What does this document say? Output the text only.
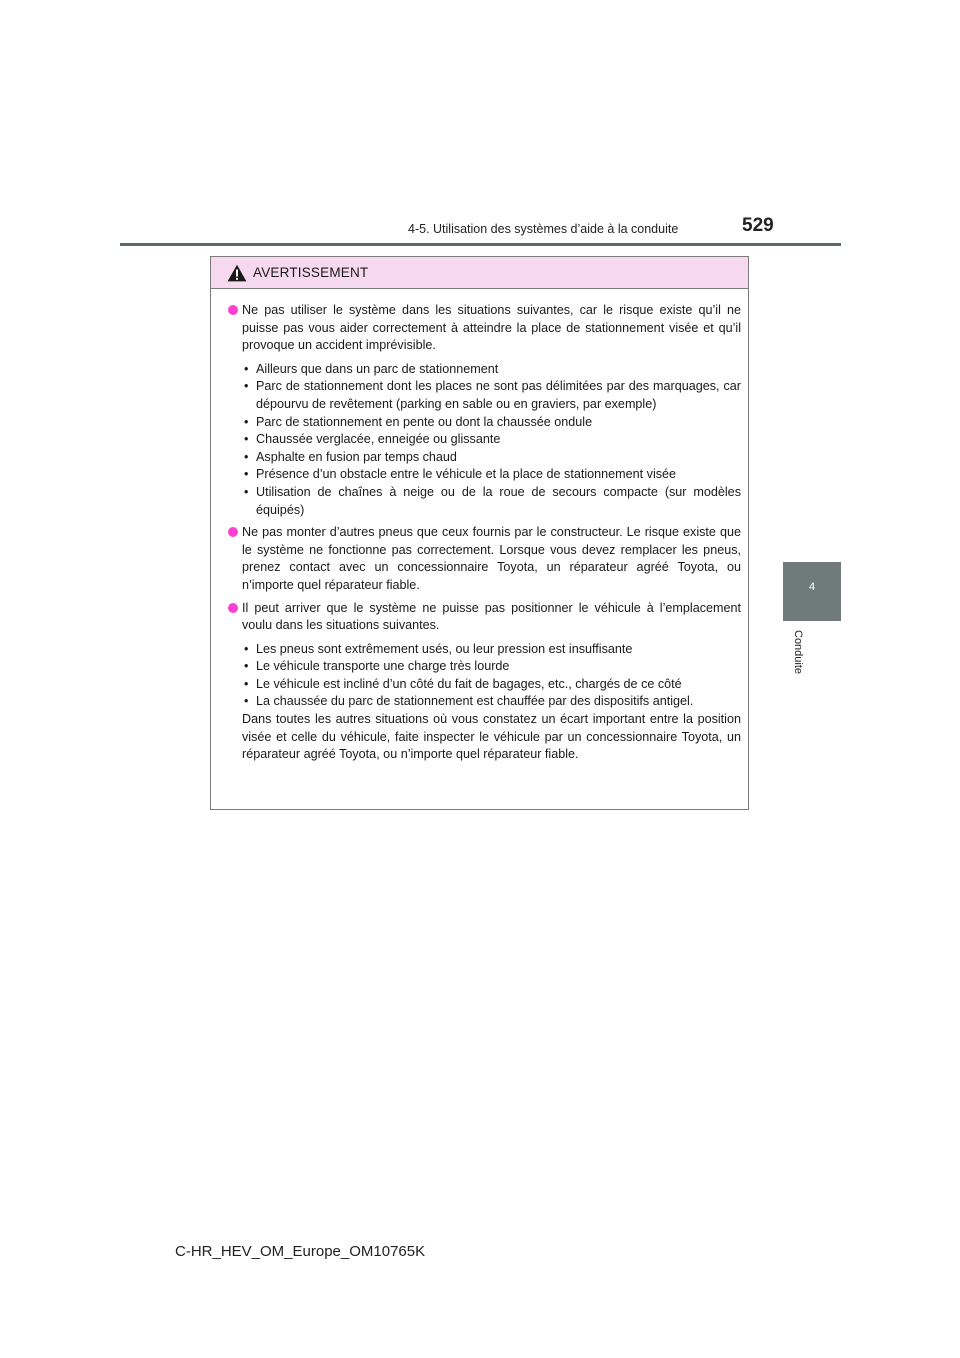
4-5. Utilisation des systèmes d’aide à la conduite	529
4
Conduite
AVERTISSEMENT
Ne pas utiliser le système dans les situations suivantes, car le risque existe qu’il ne puisse pas vous aider correctement à atteindre la place de stationnement visée et qu’il provoque un accident imprévisible.
• Ailleurs que dans un parc de stationnement
• Parc de stationnement dont les places ne sont pas délimitées par des marquages, car dépourvu de revêtement (parking en sable ou en graviers, par exemple)
• Parc de stationnement en pente ou dont la chaussée ondule
• Chaussée verglacée, enneigée ou glissante
• Asphalte en fusion par temps chaud
• Présence d’un obstacle entre le véhicule et la place de stationnement visée
• Utilisation de chaînes à neige ou de la roue de secours compacte (sur modèles équipés)
Ne pas monter d’autres pneus que ceux fournis par le constructeur. Le risque existe que le système ne fonctionne pas correctement. Lorsque vous devez remplacer les pneus, prenez contact avec un concessionnaire Toyota, un réparateur agréé Toyota, ou n’importe quel réparateur fiable.
Il peut arriver que le système ne puisse pas positionner le véhicule à l’emplacement voulu dans les situations suivantes.
• Les pneus sont extrêmement usés, ou leur pression est insuffisante
• Le véhicule transporte une charge très lourde
• Le véhicule est incliné d’un côté du fait de bagages, etc., chargés de ce côté
• La chaussée du parc de stationnement est chauffée par des dispositifs antigel.
Dans toutes les autres situations où vous constatez un écart important entre la position visée et celle du véhicule, faite inspecter le véhicule par un concessionnaire Toyota, un réparateur agréé Toyota, ou n’importe quel réparateur fiable.
C-HR_HEV_OM_Europe_OM10765K
